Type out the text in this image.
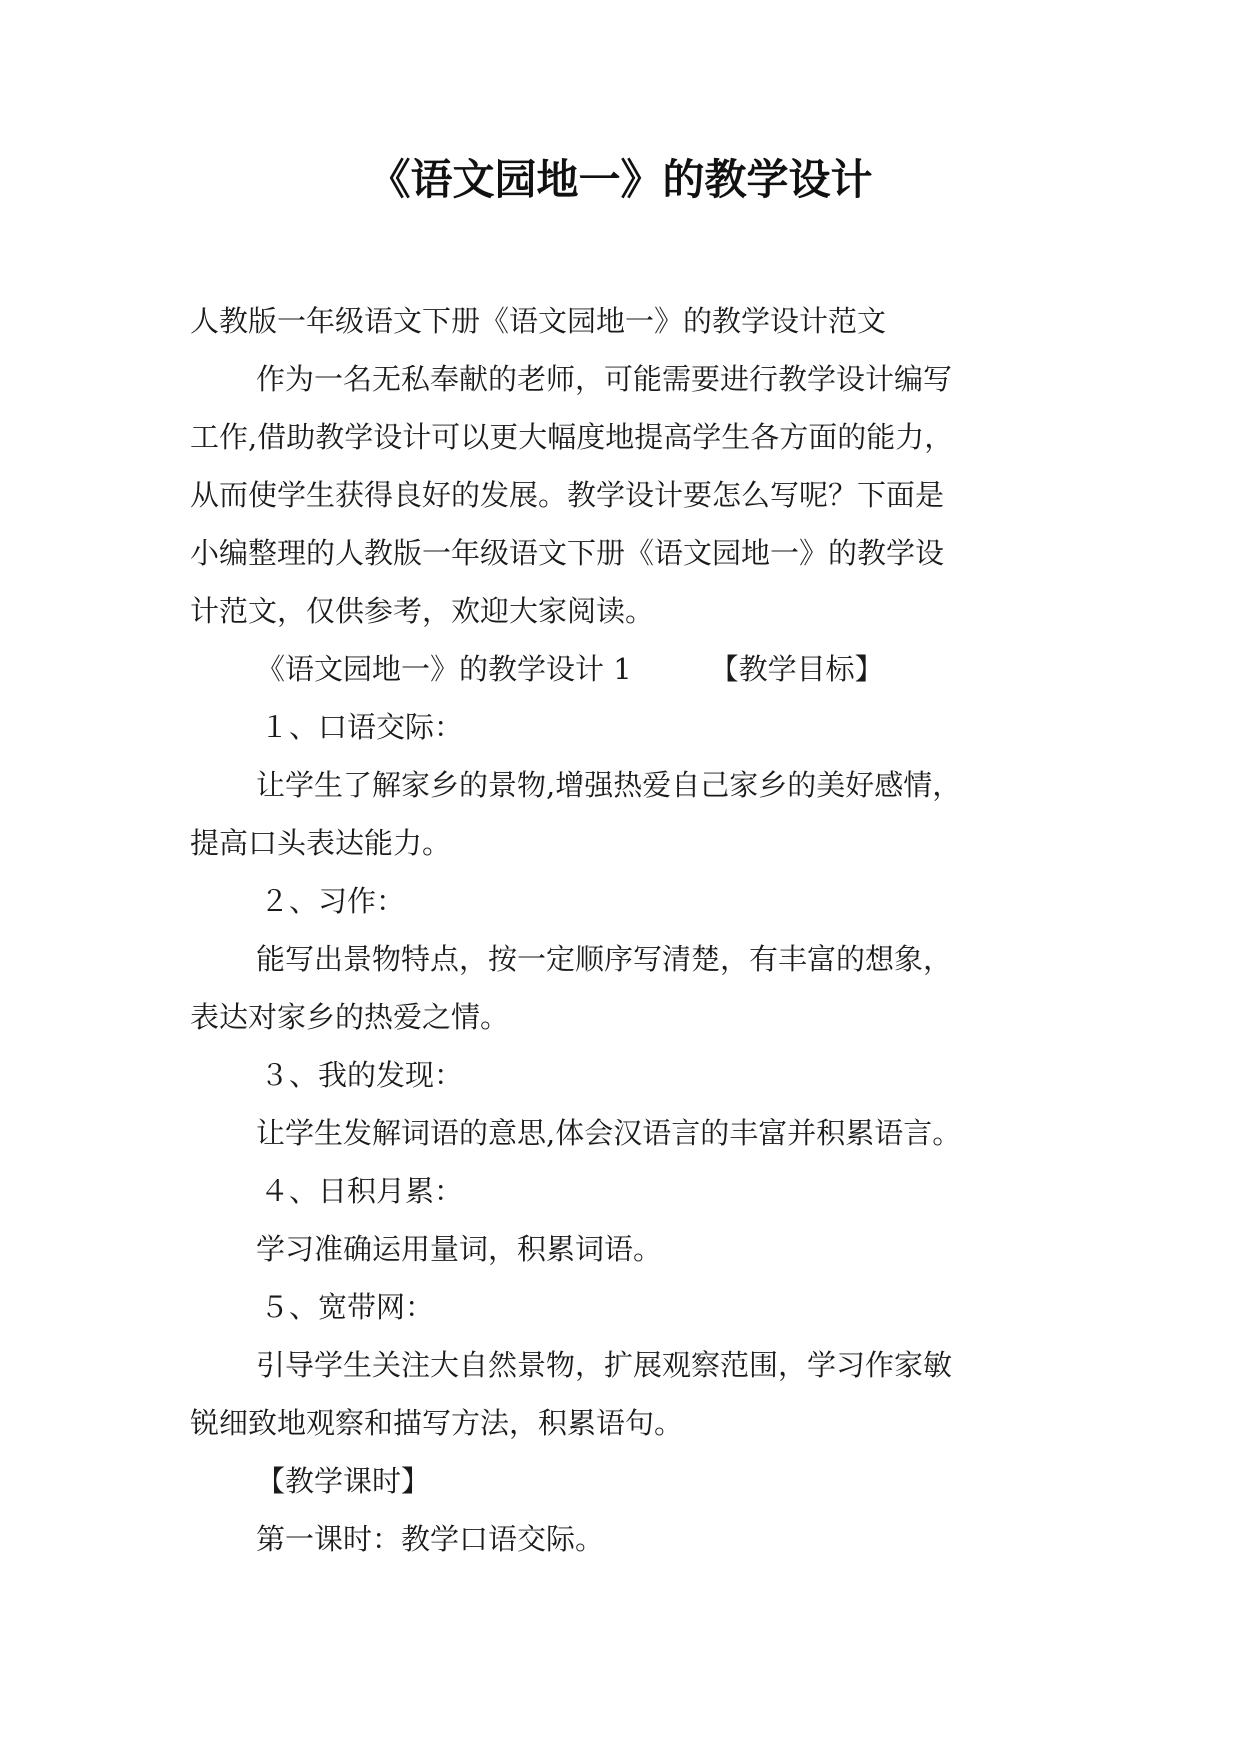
《语文园地一》的教学设计

人教版一年级语文下册《语文园地一》的教学设计范文

作为一名无私奉献的老师，可能需要进行教学设计编写

工作,借助教学设计可以更大幅度地提高学生各方面的能力，

从而使学生获得良好的发展。教学设计要怎么写呢？下面是

小编整理的人教版一年级语文下册《语文园地一》的教学设

计范文，仅供参考，欢迎大家阅读。

《语文园地一》的教学设计 1	【教学目标】

１、口语交际：

让学生了解家乡的景物,增强热爱自己家乡的美好感情，

提高口头表达能力。

２、习作：

能写出景物特点，按一定顺序写清楚，有丰富的想象，

表达对家乡的热爱之情。

３、我的发现：

让学生发解词语的意思,体会汉语言的丰富并积累语言。

４、日积月累：

学习准确运用量词，积累词语。

５、宽带网：

引导学生关注大自然景物，扩展观察范围，学习作家敏

锐细致地观察和描写方法，积累语句。

【教学课时】

第一课时：教学口语交际。
